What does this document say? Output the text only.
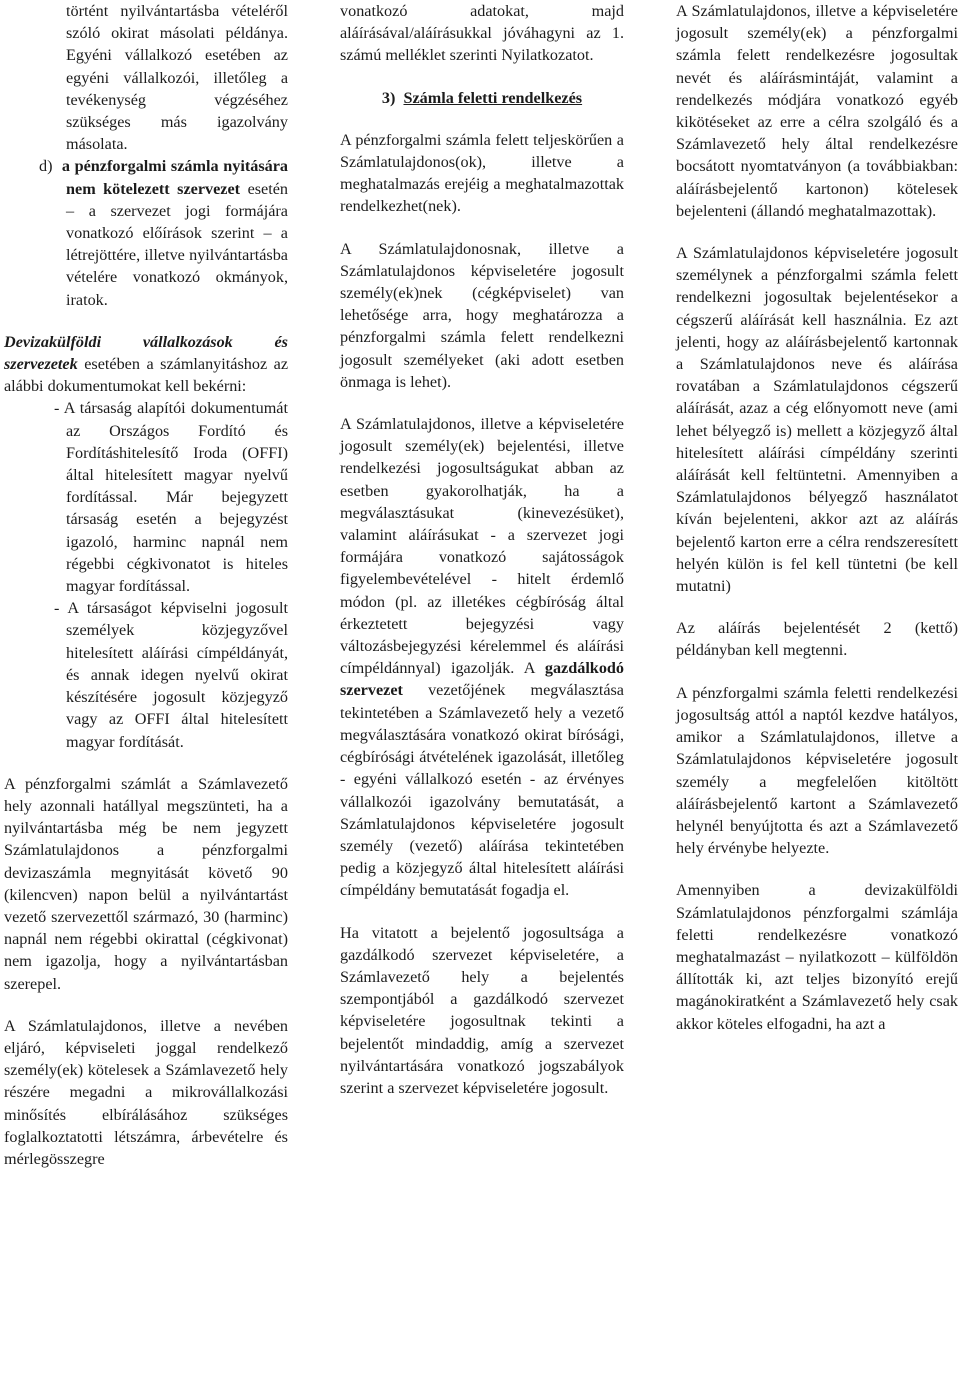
történt nyilvántartásba vételéről szóló okirat másolati példánya. Egyéni vállalkozó esetében az egyéni vállalkozói, illetőleg a tevékenység végzéséhez szükséges más igazolvány másolata.

d) a pénzforgalmi számla nyitására nem kötelezett szervezet esetén – a szervezet jogi formájára vonatkozó előírások szerint – a létrejöttére, illetve nyilvántartásba vételére vonatkozó okmányok, iratok.

Devizakülföldi vállalkozások és szervezetek esetében a számlanyitáshoz az alábbi dokumentumokat kell bekérni:

- A társaság alapítói dokumentumát az Országos Fordító és Fordításhitelesítő Iroda (OFFI) által hitelesített magyar nyelvű fordítással. Már bejegyzett társaság esetén a bejegyzést igazoló, harminc napnál nem régebbi cégkivonatot is hiteles magyar fordítással.

- A társaságot képviselni jogosult személyek közjegyzővel hitelesített aláírási címpéldányát, és annak idegen nyelvű okirat készítésére jogosult közjegyző vagy az OFFI által hitelesített magyar fordítását.

A pénzforgalmi számlát a Számlavezető hely azonnali hatállyal megszünteti, ha a nyilvántartásba még be nem jegyzett Számlatulajdonos a pénzforgalmi devizaszámla megnyitását követő 90 (kilencven) napon belül a nyilvántartást vezető szervezettől származó, 30 (harminc) napnál nem régebbi okirattal (cégkivonat) nem igazolja, hogy a nyilvántartásban szerepel.

A Számlatulajdonos, illetve a nevében eljáró, képviseleti joggal rendelkező személy(ek) kötelesek a Számlavezető hely részére megadni a mikrovállalkozási minősítés elbírálásához szükséges foglalkoztatotti létszámra, árbevételre és mérlegösszegre

vonatkozó adatokat, majd aláírásával/aláírásukkal jóváhagyni az 1. számú melléklet szerinti Nyilatkozatot.

3) Számla feletti rendelkezés

A pénzforgalmi számla felett teljeskörűen a Számlatulajdonos(ok), illetve a meghatalmazás erejéig a meghatalmazottak rendelkezhet(nek).

A Számlatulajdonosnak, illetve a Számlatulajdonos képviseletére jogosult személy(ek)nek (cégképviselet) van lehetősége arra, hogy meghatározza a pénzforgalmi számla felett rendelkezni jogosult személyeket (aki adott esetben önmaga is lehet).

A Számlatulajdonos, illetve a képviseletére jogosult személy(ek) bejelentési, illetve rendelkezési jogosultságukat abban az esetben gyakorolhatják, ha a megválasztásukat (kinevezésüket), valamint aláírásukat - a szervezet jogi formájára vonatkozó sajátosságok figyelembevételével - hitelt érdemlő módon (pl. az illetékes cégbíróság által érkeztetett bejegyzési vagy változásbejegyzési kérelemmel és aláírási címpéldánnyal) igazolják. A gazdálkodó szervezet vezetőjének megválasztása tekintetében a Számlavezető hely a vezető megválasztására vonatkozó okirat bírósági, cégbírósági átvételének igazolását, illetőleg - egyéni vállalkozó esetén - az érvényes vállalkozói igazolvány bemutatását, a Számlatulajdonos képviseletére jogosult személy (vezető) aláírása tekintetében pedig a közjegyző által hitelesített aláírási címpéldány bemutatását fogadja el.

Ha vitatott a bejelentő jogosultsága a gazdálkodó szervezet képviseletére, a Számlavezető hely a bejelentés szempontjából a gazdálkodó szervezet képviseletére jogosultnak tekinti a bejelentőt mindaddig, amíg a szervezet nyilvántartására vonatkozó jogszabályok szerint a szervezet képviseletére jogosult.

A Számlatulajdonos, illetve a képviseletére jogosult személy(ek) a pénzforgalmi számla felett rendelkezésre jogosultak nevét és aláírásmintáját, valamint a rendelkezés módjára vonatkozó egyéb kikötéseket az erre a célra szolgáló és a Számlavezető hely által rendelkezésre bocsátott nyomtatványon (a továbbiakban: aláírásbejelentő kartonon) kötelesek bejelenteni (állandó meghatalmazottak).

A Számlatulajdonos képviseletére jogosult személynek a pénzforgalmi számla felett rendelkezni jogosultak bejelentésekor a cégszerű aláírását kell használnia. Ez azt jelenti, hogy az aláírásbejelentő kartonnak a Számlatulajdonos neve és aláírása rovatában a Számlatulajdonos cégszerű aláírását, azaz a cég előnyomott neve (ami lehet bélyegző is) mellett a közjegyző által hitelesített aláírási címpéldány szerinti aláírását kell feltüntetni. Amennyiben a Számlatulajdonos bélyegző használatot kíván bejelenteni, akkor azt az aláírás bejelentő karton erre a célra rendszeresített helyén külön is fel kell tüntetni (be kell mutatni)

Az aláírás bejelentését 2 (kettő) példányban kell megtenni.

A pénzforgalmi számla feletti rendelkezési jogosultság attól a naptól kezdve hatályos, amikor a Számlatulajdonos, illetve a Számlatulajdonos képviseletére jogosult személy a megfelelően kitöltött aláírásbejelentő kartont a Számlavezető helynél benyújtotta és azt a Számlavezető hely érvénybe helyezte.

Amennyiben a devizakülföldi Számlatulajdonos pénzforgalmi számlája feletti rendelkezésre vonatkozó meghatalmazást – nyilatkozott – külföldön állították ki, azt teljes bizonyító erejű magánokiratként a Számlavezető hely csak akkor köteles elfogadni, ha azt a
